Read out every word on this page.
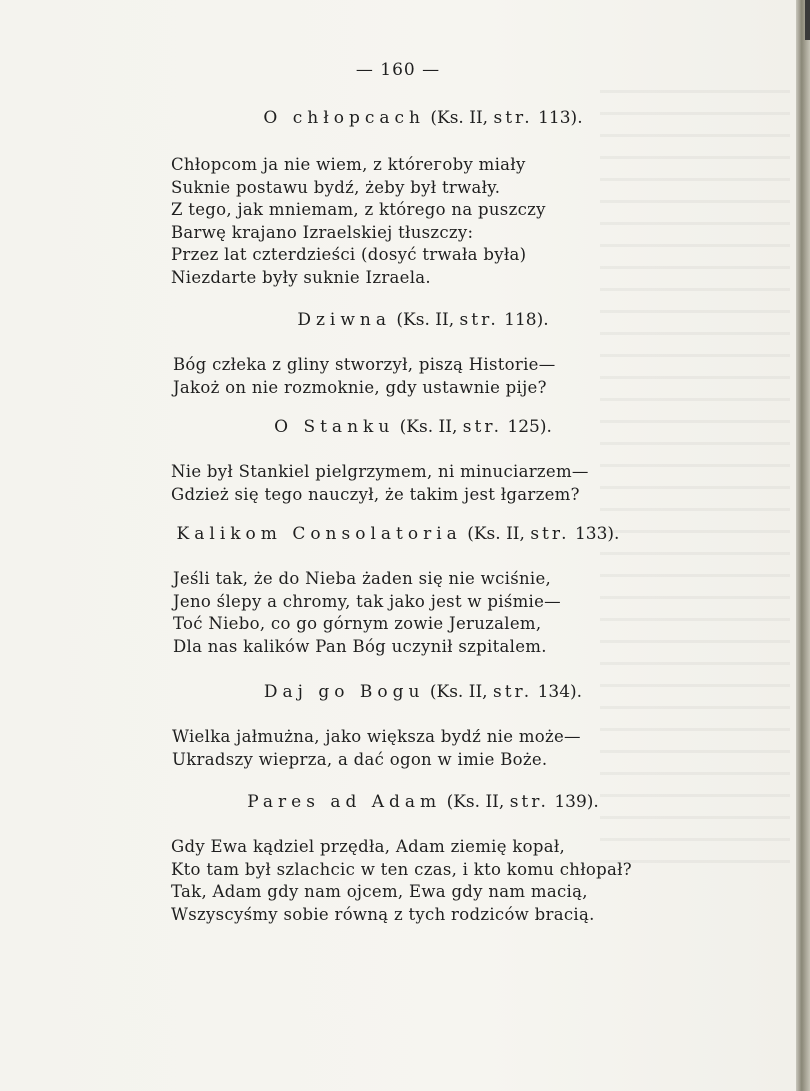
— 160 —
O chłopcach (Ks. II, str. 113).
Chłopcom ja nie wiem, z którегоby miały
Suknie postawu bydź, żeby był trwały.
Z tego, jak mniemam, z którego na puszczy
Barwę krajano Izraelskiej tłuszczy:
Przez lat czterdzieści (dosyć trwała była)
Niezdarte były suknie Izraela.
Dziwna (Ks. II, str. 118).
Bóg człeka z gliny stworzył, piszą Historie—
Jakoż on nie rozmoknie, gdy ustawnie pije?
O Stanku (Ks. II, str. 125).
Nie był Stankiel pielgrzymem, ni minuciarzem—
Gdzież się tego nauczył, że takim jest łgarzem?
Kalikom Consolatoria (Ks. II, str. 133).
Jeśli tak, że do Nieba żaden się nie wciśnie,
Jeno ślepy a chromy, tak jako jest w piśmie—
Toć Niebo, co go górnym zowie Jeruzalem,
Dla nas kalików Pan Bóg uczynił szpitalem.
Daj go Bogu (Ks. II, str. 134).
Wielka jałmużna, jako większa bydź nie może—
Ukradszy wieprza, a dać ogon w imie Boże.
Pares ad Adam (Ks. II, str. 139).
Gdy Ewa kądziel przędła, Adam ziemię kopał,
Kto tam był szlachcic w ten czas, i kto komu chłopał?
Tak, Adam gdy nam ojcem, Ewa gdy nam macią,
Wszyscyśmy sobie równą z tych rodziców bracią.
